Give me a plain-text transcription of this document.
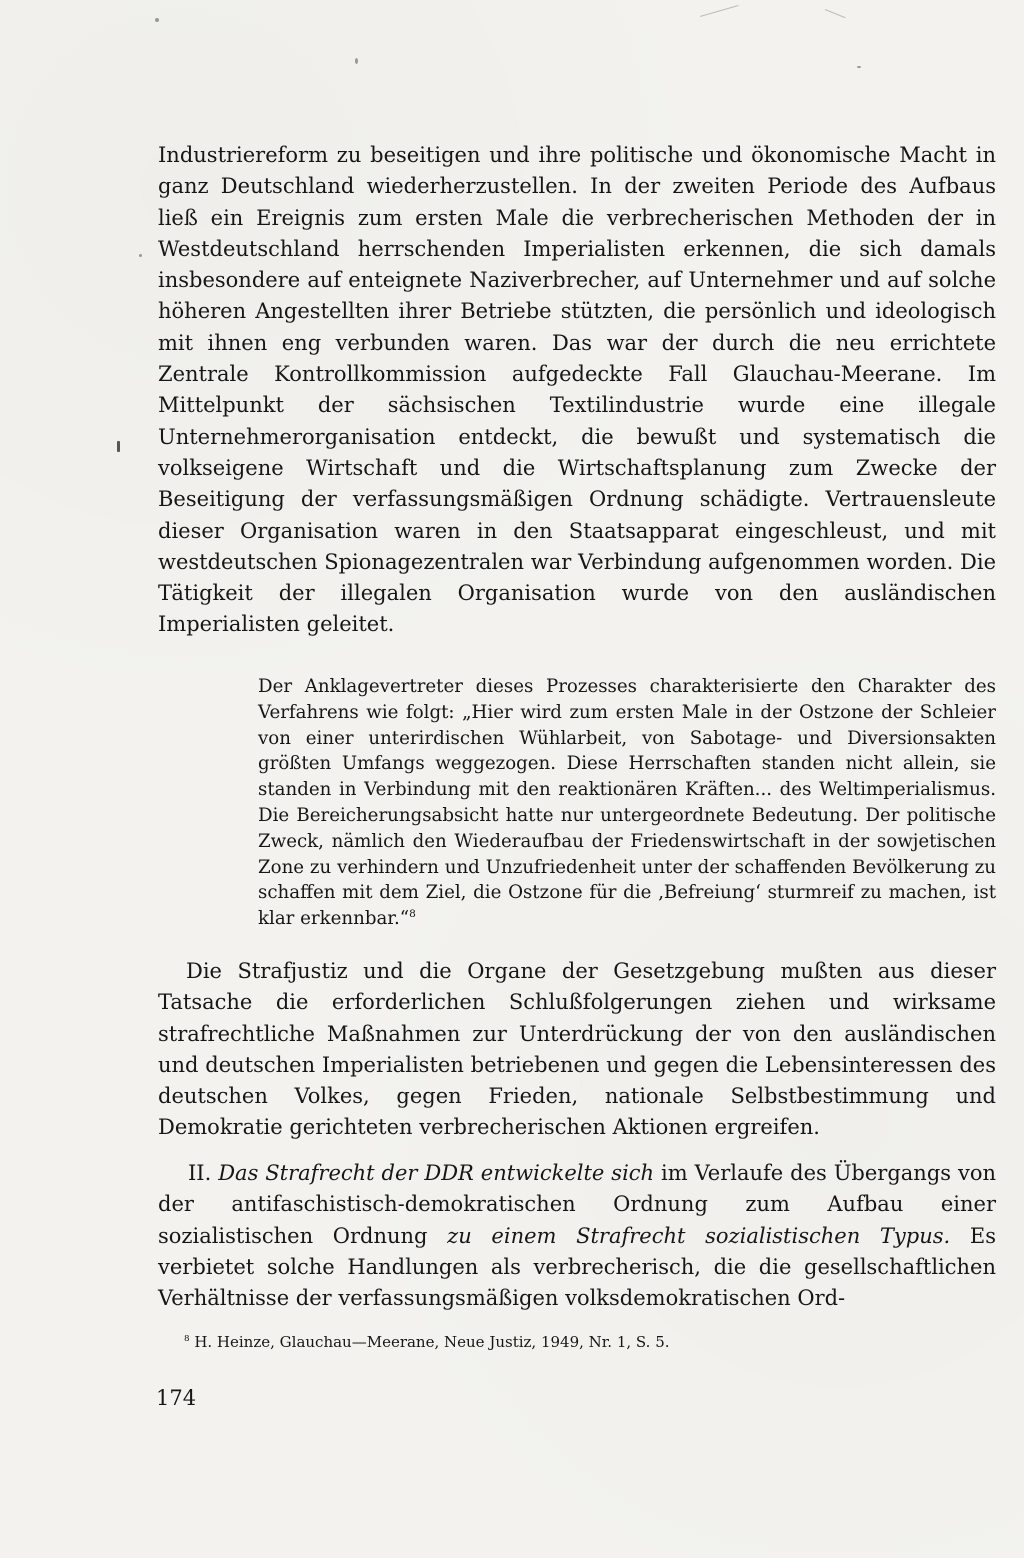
Industriereform zu beseitigen und ihre politische und ökonomische Macht in ganz Deutschland wiederherzustellen. In der zweiten Periode des Aufbaus ließ ein Ereignis zum ersten Male die verbrecherischen Methoden der in Westdeutschland herrschenden Imperialisten erkennen, die sich damals insbesondere auf enteignete Naziverbrecher, auf Unternehmer und auf solche höheren Angestellten ihrer Betriebe stützten, die persönlich und ideologisch mit ihnen eng verbunden waren. Das war der durch die neu errichtete Zentrale Kontrollkommission aufgedeckte Fall Glauchau-Meerane. Im Mittelpunkt der sächsischen Textilindustrie wurde eine illegale Unternehmerorganisation entdeckt, die bewußt und systematisch die volkseigene Wirtschaft und die Wirtschaftsplanung zum Zwecke der Beseitigung der verfassungsmäßigen Ordnung schädigte. Vertrauensleute dieser Organisation waren in den Staatsapparat eingeschleust, und mit westdeutschen Spionagezentralen war Verbindung aufgenommen worden. Die Tätigkeit der illegalen Organisation wurde von den ausländischen Imperialisten geleitet.

Der Anklagevertreter dieses Prozesses charakterisierte den Charakter des Verfahrens wie folgt: „Hier wird zum ersten Male in der Ostzone der Schleier von einer unterirdischen Wühlarbeit, von Sabotage- und Diversionsakten größten Umfangs weggezogen. Diese Herrschaften standen nicht allein, sie standen in Verbindung mit den reaktionären Kräften... des Weltimperialismus. Die Bereicherungsabsicht hatte nur untergeordnete Bedeutung. Der politische Zweck, nämlich den Wiederaufbau der Friedenswirtschaft in der sowjetischen Zone zu verhindern und Unzufriedenheit unter der schaffenden Bevölkerung zu schaffen mit dem Ziel, die Ostzone für die ‚Befreiung‘ sturmreif zu machen, ist klar erkennbar.“$^8$

Die Strafjustiz und die Organe der Gesetzgebung mußten aus dieser Tatsache die erforderlichen Schlußfolgerungen ziehen und wirksame strafrechtliche Maßnahmen zur Unterdrückung der von den ausländischen und deutschen Imperialisten betriebenen und gegen die Lebensinteressen des deutschen Volkes, gegen Frieden, nationale Selbstbestimmung und Demokratie gerichteten verbrecherischen Aktionen ergreifen.

II. Das Strafrecht der DDR entwickelte sich im Verlaufe des Übergangs von der antifaschistisch-demokratischen Ordnung zum Aufbau einer sozialistischen Ordnung zu einem Strafrecht sozialistischen Typus. Es verbietet solche Handlungen als verbrecherisch, die die gesellschaftlichen Verhältnisse der verfassungsmäßigen volksdemokratischen Ord-

$^8$ H. Heinze, Glauchau—Meerane, Neue Justiz, 1949, Nr. 1, S. 5.

174
